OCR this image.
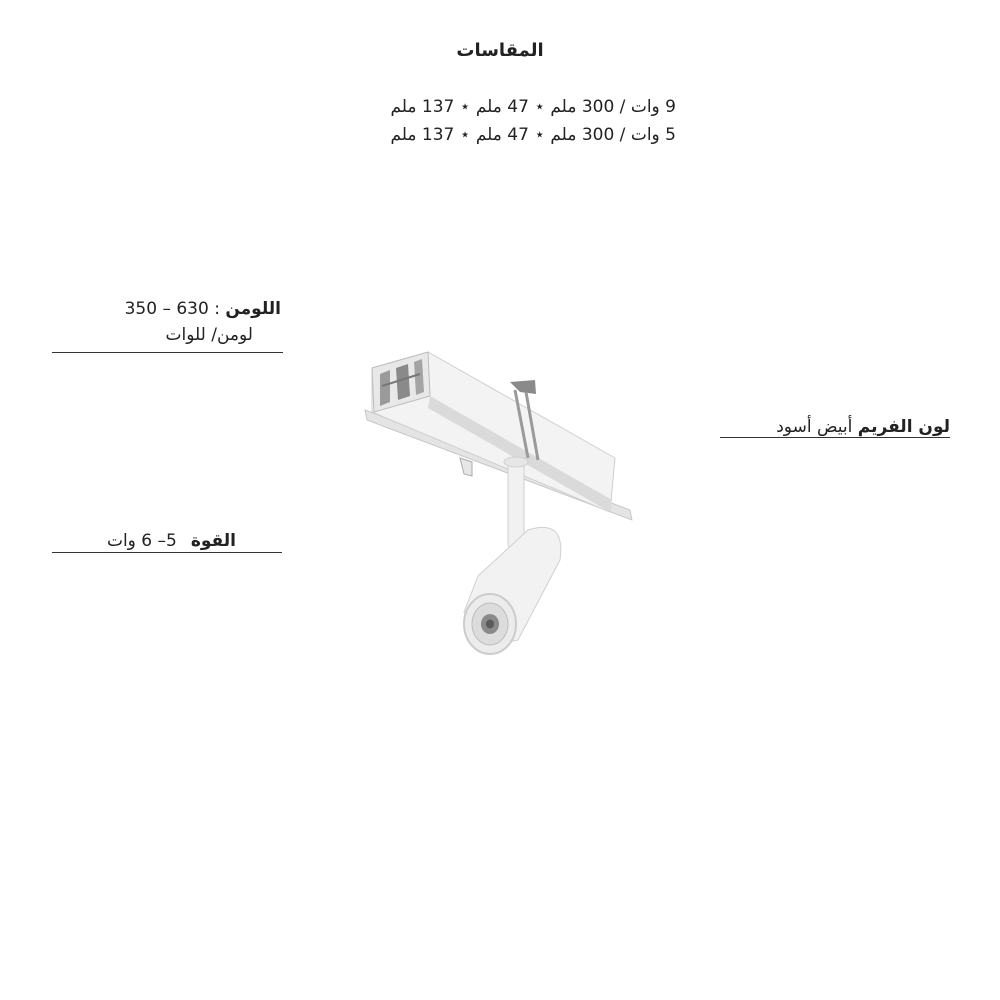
المقاسات
9 وات / 300 ملم ⋆ 47 ملم ⋆ 137 ملم
5 وات / 300 ملم ⋆ 47 ملم ⋆ 137 ملم
اللومن : 630 – 350
لومن/ للوات
لون الفريم أبيض أسود
القوة5– 6 وات
